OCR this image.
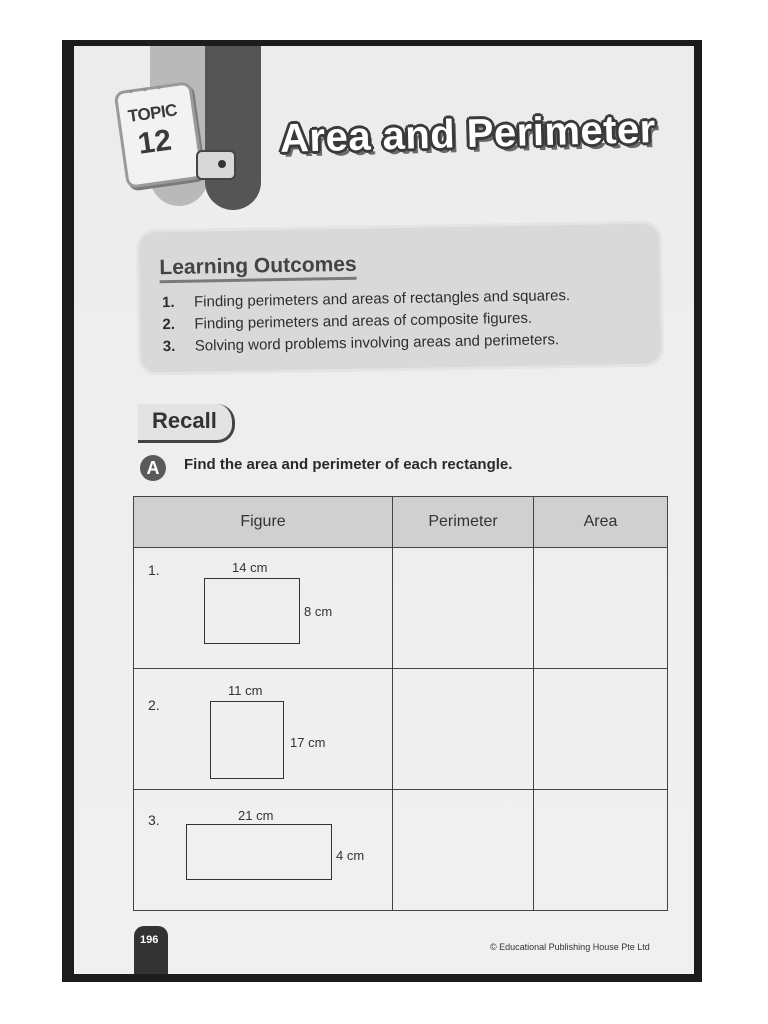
◦◦◦
TOPIC
12	Area and Perimeter
Learning Outcomes
1. Finding perimeters and areas of rectangles and squares.
2. Finding perimeters and areas of composite figures.
3. Solving word problems involving areas and perimeters.
Recall
A	Find the area and perimeter of each rectangle.
Figure	Perimeter	Area

1. 14 cm
8 cm		

2.
11 cm
17 cm		

3. 21 cm
4 cm		

196
© Educational Publishing House Pte Ltd
